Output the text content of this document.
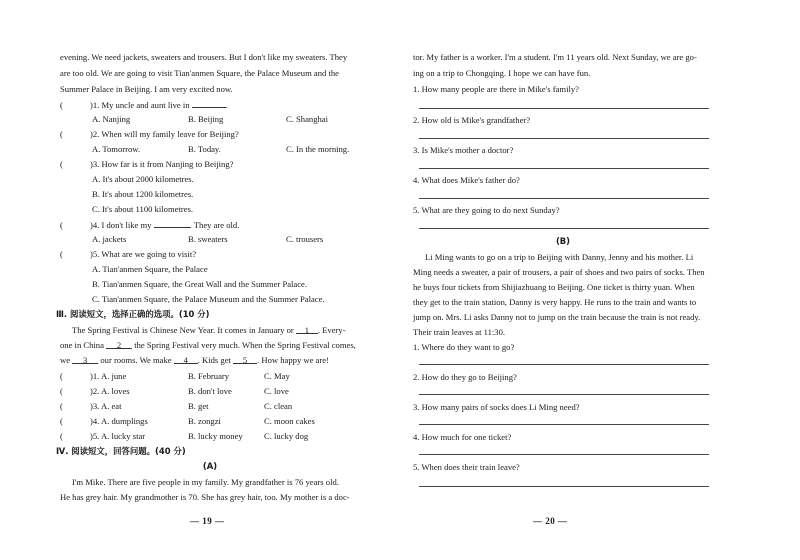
evening. We need jackets, sweaters and trousers. But I don't like my sweaters. They
are too old. We are going to visit Tian'anmen Square, the Palace Museum and the
Summer Palace in Beijing. I am very excited now.
(	)1. My uncle and aunt live in	.
A. Nanjing	B. Beijing	C. Shanghai
(	)2. When will my family leave for Beijing?
A. Tomorrow.	B. Today.	C. In the morning.
(	)3. How far is it from Nanjing to Beijing?
A. It's about 2000 kilometres.
B. It's about 1200 kilometres.
C. It's about 1100 kilometres.
(	)4. I don't like my	. They are old.
A. jackets	B. sweaters	C. trousers
(	)5. What are we going to visit?
A. Tian'anmen Square, the Palace
B. Tian'anmen Square, the Great Wall and the Summer Palace.
C. Tian'anmen Square, the Palace Museum and the Summer Palace.
Ⅲ. 阅读短文，选择正确的选项。(10 分)
The Spring Festival is Chinese New Year. It comes in January or 1 . Every-
one in China 2 the Spring Festival very much. When the Spring Festival comes,
we 3 our rooms. We make 4 . Kids get 5 . How happy we are!
(	)1. A. june	B. February	C. May
(	)2. A. loves	B. don't love	C. love
(	)3. A. eat	B. get	C. clean
(	)4. A. dumplings	B. zongzi	C. moon cakes
(	)5. A. lucky star	B. lucky money C. lucky dog
Ⅳ. 阅读短文，回答问题。(40 分)
(A)
I'm Mike. There are five people in my family. My grandfather is 76 years old.
He has grey hair. My grandmother is 70. She has grey hair, too. My mother is a doc-
— 19 —
tor. My father is a worker. I'm a student. I'm 11 years old. Next Sunday, we are go-
ing on a trip to Chongqing. I hope we can have fun.
1. How many people are there in Mike's family?
2. How old is Mike's grandfather?
3. Is Mike's mother a doctor?
4. What does Mike's father do?
5. What are they going to do next Sunday?
(B)
Li Ming wants to go on a trip to Beijing with Danny, Jenny and his mother. Li
Ming needs a sweater, a pair of trousers, a pair of shoes and two pairs of socks. Then
he buys four tickets from Shijiazhuang to Beijing. One ticket is thirty yuan. When
they get to the train station, Danny is very happy. He runs to the train and wants to
jump on. Mrs. Li asks Danny not to jump on the train because the train is not ready.
Their train leaves at 11:30.
1. Where do they want to go?
2. How do they go to Beijing?
3. How many pairs of socks does Li Ming need?
4. How much for one ticket?
5. When does their train leave?
— 20 —
